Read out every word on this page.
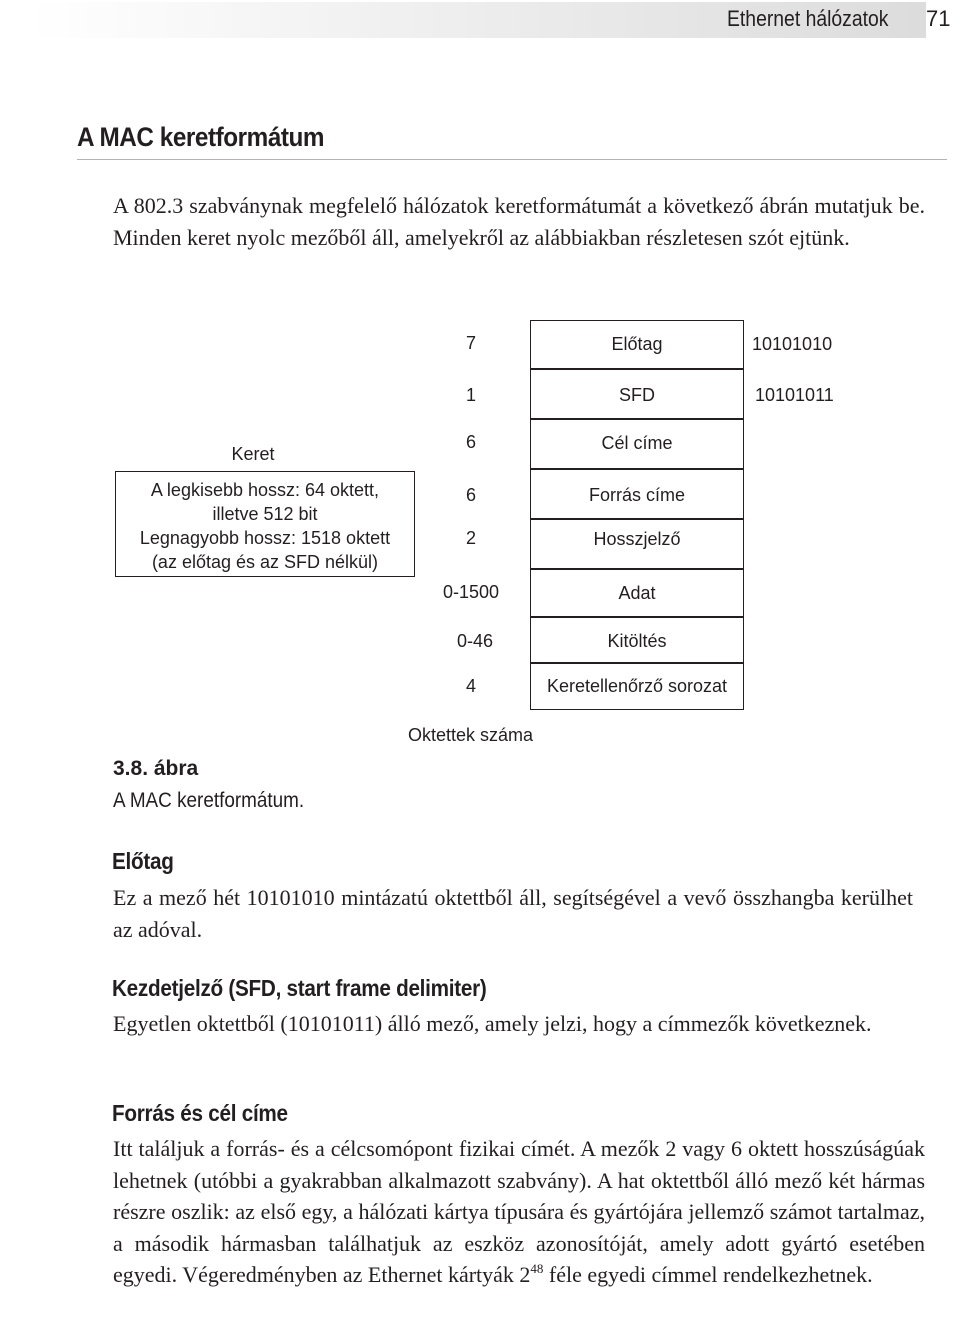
Ethernet hálózatok 71
A MAC keretformátum

A 802.3 szabványnak megfelelő hálózatok keretformátumát a következő ábrán mutatjuk be. Minden keret nyolc mezőből áll, amelyekről az alábbiakban részletesen szót ejtünk.

7
1
6
6
2
0-1500
0-46
4
Előtag
SFD
Cél címe
Forrás címe
Hosszjelző
Adat
Kitöltés
Keretellenőrző sorozat
10101010
10101011
Oktettek száma
Keret
A legkisebb hossz: 64 oktett,
illetve 512 bit
Legnagyobb hossz: 1518 oktett
(az előtag és az SFD nélkül)
3.8. ábra
A MAC keretformátum.
Előtag

Ez a mező hét 10101010 mintázatú oktettből áll, segítségével a vevő összhangba kerülhet az adóval.

Kezdetjelző (SFD, start frame delimiter)

Egyetlen oktettből (10101011) álló mező, amely jelzi, hogy a címmezők következnek.

Forrás és cél címe

Itt találjuk a forrás- és a célcsomópont fizikai címét. A mezők 2 vagy 6 oktett hosszúságúak lehetnek (utóbbi a gyakrabban alkalmazott szabvány). A hat oktettből álló mező két hármas részre oszlik: az első egy, a hálózati kártya típusára és gyártójára jellemző számot tartalmaz, a második hármasban találhatjuk az eszköz azonosítóját, amely adott gyártó esetében egyedi. Végeredményben az Ethernet kártyák $2^{48}$ féle egyedi címmel rendelkezhetnek.
